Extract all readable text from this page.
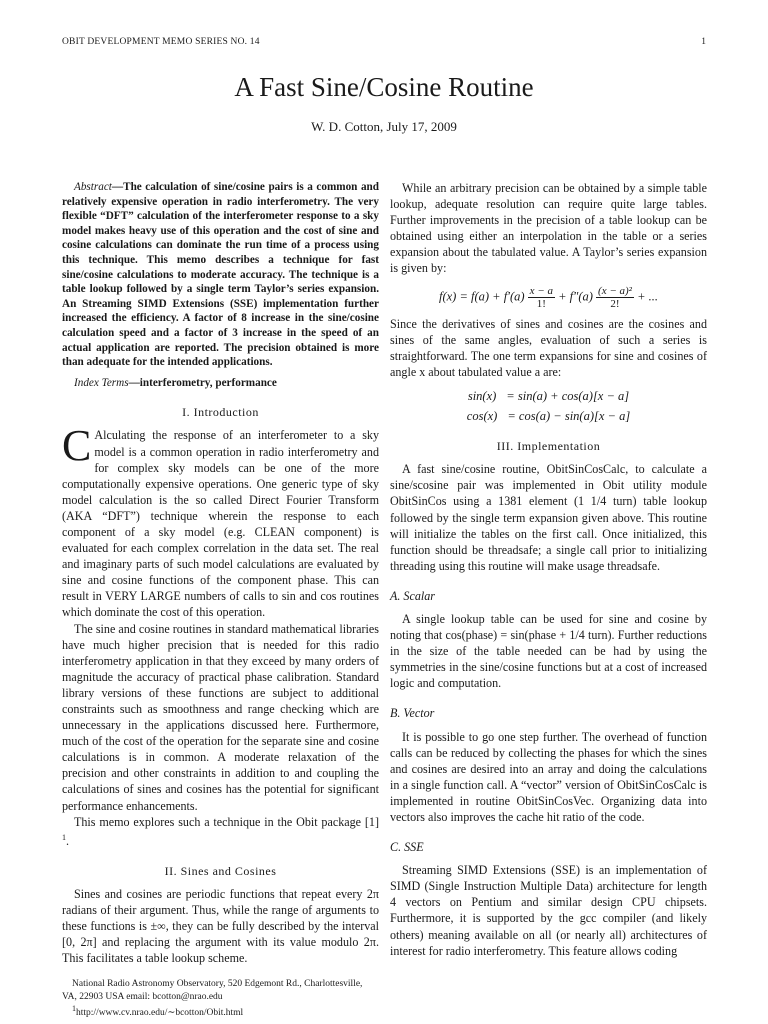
OBIT DEVELOPMENT MEMO SERIES NO. 14	1
A Fast Sine/Cosine Routine
W. D. Cotton, July 17, 2009

Abstract—The calculation of sine/cosine pairs is a common and relatively expensive operation in radio interferometry. The very flexible “DFT” calculation of the interferometer response to a sky model makes heavy use of this operation and the cost of sine and cosine calculations can dominate the run time of a process using this technique. This memo describes a technique for fast sine/cosine calculations to moderate accuracy. The technique is a table lookup followed by a single term Taylor’s series expansion. An Streaming SIMD Extensions (SSE) implementation further increased the efficiency. A factor of 8 increase in the sine/cosine calculation speed and a factor of 3 increase in the speed of an actual application are reported. The precision obtained is more than adequate for the intended applications.

Index Terms—interferometry, performance

I. Introduction

C Alculating the response of an interferometer to a sky model is a common operation in radio interferometry and for complex sky models can be one of the more computationally expensive operations. One generic type of sky model calculation is the so called Direct Fourier Transform (AKA “DFT”) technique wherein the response to each component of a sky model (e.g. CLEAN component) is evaluated for each complex correlation in the data set. The real and imaginary parts of such model calculations are evaluated by sine and cosine functions of the component phase. This can result in VERY LARGE numbers of calls to sin and cos routines which dominate the cost of this operation.

The sine and cosine routines in standard mathematical libraries have much higher precision that is needed for this radio interferometry application in that they exceed by many orders of magnitude the accuracy of practical phase calibration. Standard library versions of these functions are subject to additional constraints such as smoothness and range checking which are unnecessary in the applications discussed here. Furthermore, much of the cost of the operation for the separate sine and cosine calculations is in common. A moderate relaxation of the precision and other constraints in addition to and coupling the calculations of sines and cosines has the potential for significant performance enhancements.

This memo explores such a technique in the Obit package [1] $^1$.

II. Sines and Cosines

Sines and cosines are periodic functions that repeat every 2π radians of their argument. Thus, while the range of arguments to these functions is ±∞, they can be fully described by the interval [0, 2π] and replacing the argument with its value modulo 2π. This facilitates a table lookup scheme.

National Radio Astronomy Observatory, 520 Edgemont Rd., Charlottesville, VA, 22903 USA email: bcotton@nrao.edu

$^1$http://www.cv.nrao.edu/∼bcotton/Obit.html

While an arbitrary precision can be obtained by a simple table lookup, adequate resolution can require quite large tables. Further improvements in the precision of a table lookup can be obtained using either an interpolation in the table or a series expansion about the tabulated value. A Taylor’s series expansion is given by:

$f(x) = f(a) + f'(a) \frac{x - a}{1!} + f''(a) \frac{\text{(x − a)²}}{2!}$ + ...

Since the derivatives of sines and cosines are the cosines and sines of the same angles, evaluation of such a series is straightforward. The one term expansions for sine and cosines of angle x about tabulated value a are:

sin(x) = sin(a) + cos(a)[x − a]
cos(x) = cos(a) − sin(a)[x − a]
III. Implementation

A fast sine/cosine routine, ObitSinCosCalc, to calculate a sine/scosine pair was implemented in Obit utility module ObitSinCos using a 1381 element (1 1/4 turn) table lookup followed by the single term expansion given above. This routine will initialize the tables on the first call. Once initialized, this function should be threadsafe; a single call prior to initializing threading using this routine will make usage threadsafe.

A. Scalar

A single lookup table can be used for sine and cosine by noting that cos(phase) = sin(phase + 1/4 turn). Further reductions in the size of the table needed can be had by using the symmetries in the sine/cosine functions but at a cost of increased logic and computation.

B. Vector

It is possible to go one step further. The overhead of function calls can be reduced by collecting the phases for which the sines and cosines are desired into an array and doing the calculations in a single function call. A “vector” version of ObitSinCosCalc is implemented in routine ObitSinCosVec. Organizing data into vectors also improves the cache hit ratio of the code.

C. SSE

Streaming SIMD Extensions (SSE) is an implementation of SIMD (Single Instruction Multiple Data) architecture for length 4 vectors on Pentium and similar design CPU chipsets. Furthermore, it is supported by the gcc compiler (and likely others) meaning available on all (or nearly all) architectures of interest for radio interferometry. This feature allows coding
